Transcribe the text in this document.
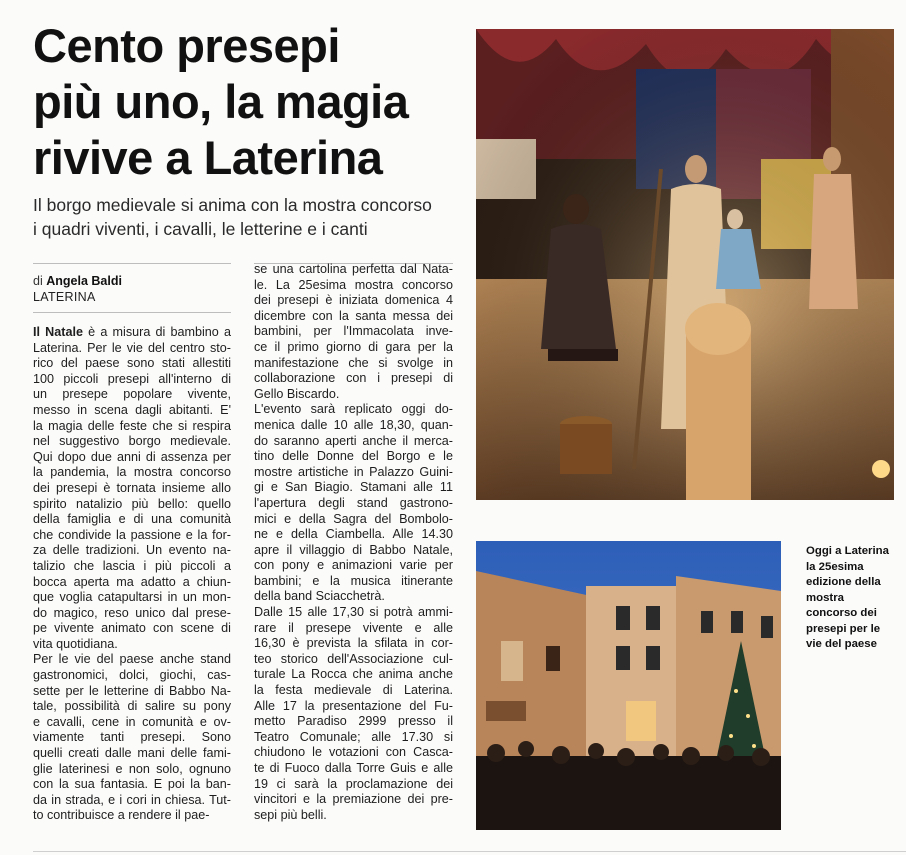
Cento presepi
più uno, la magia
rivive a Laterina
Il borgo medievale si anima con la mostra concorso
i quadri viventi, i cavalli, le letterine e i canti
di Angela Baldi
LATERINA
Il Natale è a misura di bambino a
Laterina. Per le vie del centro sto-
rico del paese sono stati allestiti
100 piccoli presepi all'interno di
un presepe popolare vivente,
messo in scena dagli abitanti. E'
la magia delle feste che si respira
nel suggestivo borgo medievale.
Qui dopo due anni di assenza per
la pandemia, la mostra concorso
dei presepi è tornata insieme allo
spirito natalizio più bello: quello
della famiglia e di una comunità
che condivide la passione e la for-
za delle tradizioni. Un evento na-
talizio che lascia i più piccoli a
bocca aperta ma adatto a chiun-
que voglia catapultarsi in un mon-
do magico, reso unico dal prese-
pe vivente animato con scene di
vita quotidiana.
Per le vie del paese anche stand
gastronomici, dolci, giochi, cas-
sette per le letterine di Babbo Na-
tale, possibilità di salire su pony
e cavalli, cene in comunità e ov-
viamente tanti presepi. Sono
quelli creati dalle mani delle fami-
glie laterinesi e non solo, ognuno
con la sua fantasia. E poi la ban-
da in strada, e i cori in chiesa. Tut-
to contribuisce a rendere il pae-
se una cartolina perfetta dal Nata-
le. La 25esima mostra concorso
dei presepi è iniziata domenica 4
dicembre con la santa messa dei
bambini, per l'Immacolata inve-
ce il primo giorno di gara per la
manifestazione che si svolge in
collaborazione con i presepi di
Gello Biscardo.
L'evento sarà replicato oggi do-
menica dalle 10 alle 18,30, quan-
do saranno aperti anche il merca-
tino delle Donne del Borgo e le
mostre artistiche in Palazzo Guini-
gi e San Biagio. Stamani alle 11
l'apertura degli stand gastrono-
mici e della Sagra del Bombolo-
ne e della Ciambella. Alle 14.30
apre il villaggio di Babbo Natale,
con pony e animazioni varie per
bambini; e la musica itinerante
della band Sciacchetrà.
Dalle 15 alle 17,30 si potrà ammi-
rare il presepe vivente e alle
16,30 è prevista la sfilata in cor-
teo storico dell'Associazione cul-
turale La Rocca che anima anche
la festa medievale di Laterina.
Alle 17 la presentazione del Fu-
metto Paradiso 2999 presso il
Teatro Comunale; alle 17.30 si
chiudono le votazioni con Casca-
te di Fuoco dalla Torre Guis e alle
19 ci sarà la proclamazione dei
vincitori e la premiazione dei pre-
sepi più belli.
Oggi a Laterina
la 25esima
edizione della
mostra
concorso dei
presepi per le
vie del paese
